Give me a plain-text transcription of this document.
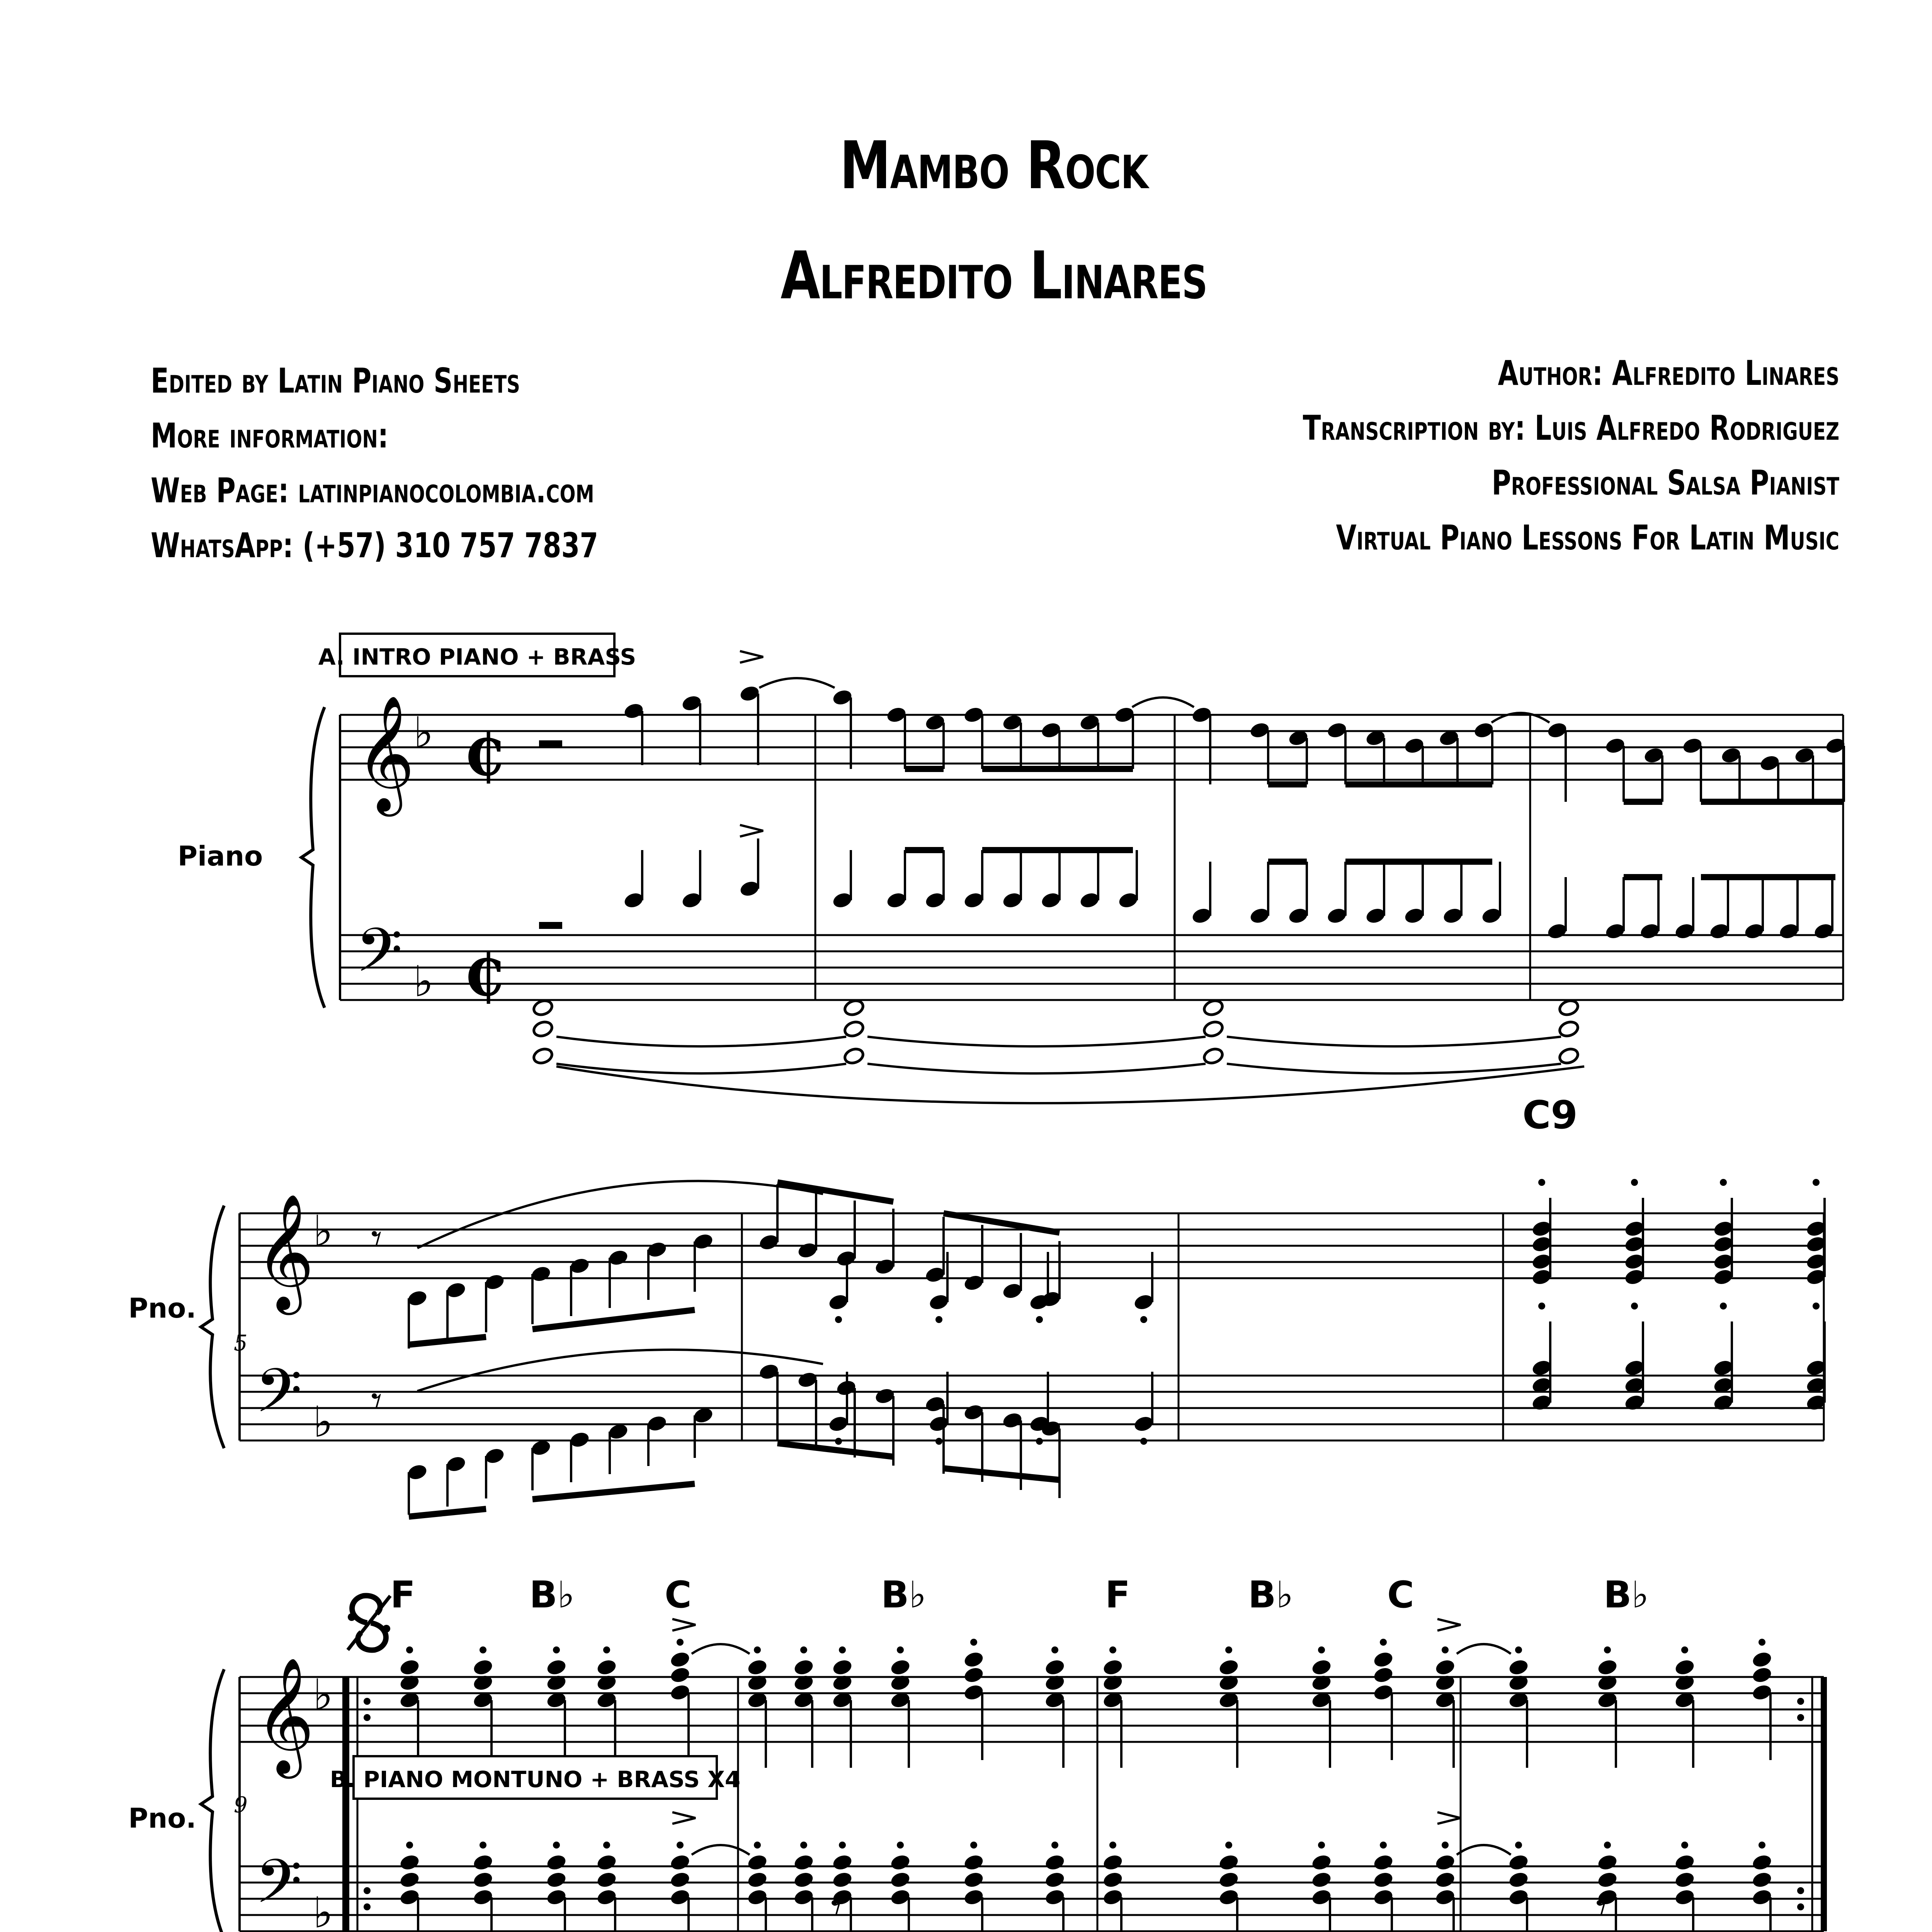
Mambo Rock
Alfredito Linares
Edited by Latin Piano Sheets
More information:
Web Page: latinpianocolombia.com
WhatsApp: (+57) 310 757 7837
Author: Alfredito Linares
Transcription by: Luis Alfredo Rodriguez
Professional Salsa Pianist
Virtual Piano Lessons For Latin Music
𝄞
𝄢
♭
♭
𝄞
𝄢
♭
♭
𝄞
𝄢
♭
♭
₵
₵
𝄾
𝄾
𝄾	𝄾
Piano
Pno.
Pno.
5
9
A. INTRO PIANO + BRASS
B. PIANO MONTUNO + BRASS X4
C9
F	B♭ C	B♭	F	B♭	C	B♭
